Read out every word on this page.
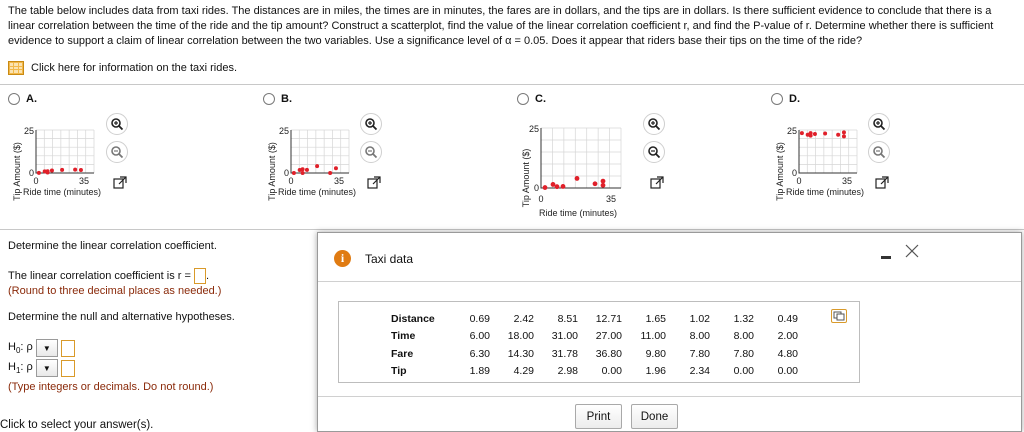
The table below includes data from taxi rides. The distances are in miles, the times are in minutes, the fares are in dollars, and the tips are in dollars. Is there sufficient evidence to conclude that there is a linear correlation between the time of the ride and the tip amount? Construct a scatterplot, find the value of the linear correlation coefficient r, and find the P-value of r. Determine whether there is sufficient evidence to support a claim of linear correlation between the two variables. Use a significance level of α = 0.05. Does it appear that riders base their tips on the time of the ride?
Click here for information on the taxi rides.
A.	B.	C.	D.
25
0
0	35
Ride time (minutes)
Tip Amount ($)
25
0
0	35
Ride time (minutes)
Tip Amount ($)
25
0
0	35
Ride time (minutes)
Tip Amount ($)
25
0
0	35
Ride time (minutes)
Tip Amount ($)
Determine the linear correlation coefficient.
The linear correlation coefficient is r = .
(Round to three decimal places as needed.)
Determine the null and alternative hypotheses.
$H_0$: ρ ▼
$H_1$: ρ ▼
(Type integers or decimals. Do not round.)
Click to select your answer(s).
i	Taxi data
Distance	0.69	2.42	8.51	12.71	1.65	1.02	1.32	0.49
Time	6.00	18.00	31.00	27.00	11.00	8.00	8.00	2.00
Fare	6.30	14.30	31.78	36.80	9.80	7.80	7.80	4.80
Tip	1.89	4.29	2.98	0.00	1.96	2.34	0.00	0.00
Print	Done
